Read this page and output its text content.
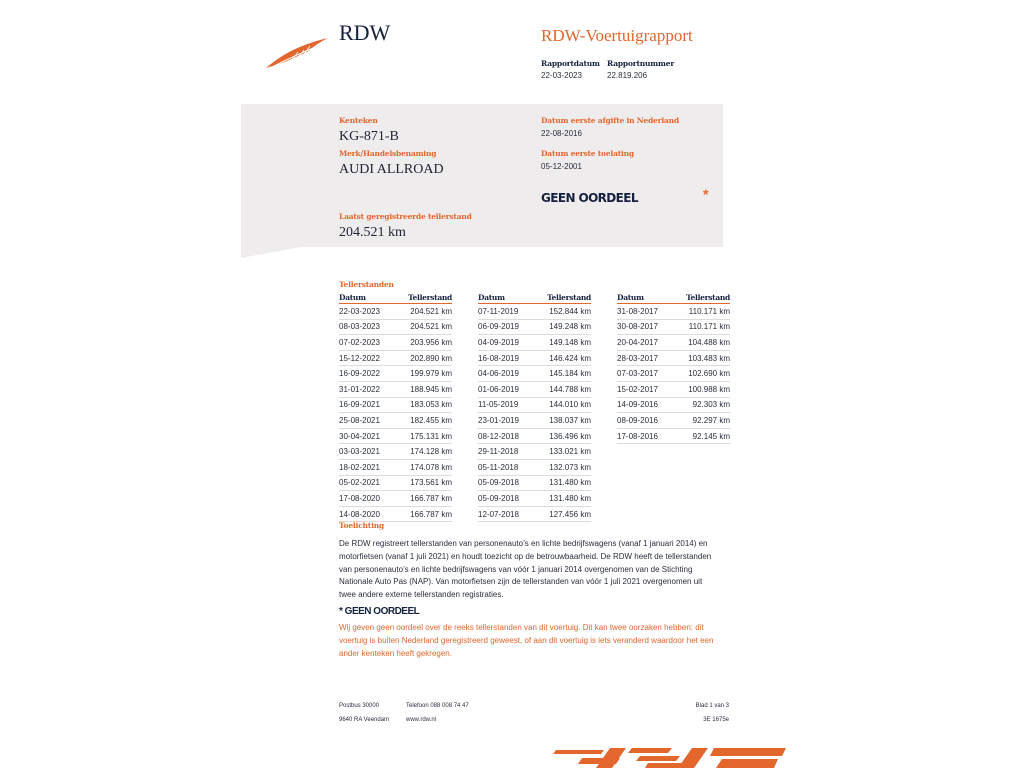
RDW	RDW-Voertuigrapport
Rapportdatum
22-03-2023
Rapportnummer
22.819.206
Kenteken
KG-871-B
Merk/Handelsbenaming
AUDI ALLROAD
Datum eerste afgifte in Nederland
22-08-2016
Datum eerste toelating
05-12-2001
GEEN OORDEEL	*
Laatst geregistreerde tellerstand
204.521 km
Tellerstanden
Datum	Tellerstand
22-03-2023	204.521 km
08-03-2023	204.521 km
07-02-2023	203.956 km
15-12-2022	202.890 km
16-09-2022	199.979 km
31-01-2022	188.945 km
16-09-2021	183.053 km
25-08-2021	182.455 km
30-04-2021	175.131 km
03-03-2021	174.128 km
18-02-2021	174.078 km
05-02-2021	173.561 km
17-08-2020	166.787 km
14-08-2020	166.787 km
Datum	Tellerstand
07-11-2019	152.844 km
06-09-2019	149.248 km
04-09-2019	149.148 km
16-08-2019	146.424 km
04-06-2019	145.184 km
01-06-2019	144.788 km
11-05-2019	144.010 km
23-01-2019	138.037 km
08-12-2018	136.496 km
29-11-2018	133.021 km
05-11-2018	132.073 km
05-09-2018	131.480 km
05-09-2018	131.480 km
12-07-2018	127.456 km
Datum	Tellerstand
31-08-2017	110.171 km
30-08-2017	110.171 km
20-04-2017	104.488 km
28-03-2017	103.483 km
07-03-2017	102.690 km
15-02-2017	100.988 km
14-09-2016	92.303 km
08-09-2016	92.297 km
17-08-2016	92.145 km
Toelichting
De RDW registreert tellerstanden van personenauto’s en lichte bedrijfswagens (vanaf 1 januari 2014) en
motorfietsen (vanaf 1 juli 2021) en houdt toezicht op de betrouwbaarheid. De RDW heeft de tellerstanden
van personenauto’s en lichte bedrijfswagens van vóór 1 januari 2014 overgenomen van de Stichting
Nationale Auto Pas (NAP). Van motorfietsen zijn de tellerstanden van vóór 1 juli 2021 overgenomen uit
twee andere externe tellerstanden registraties.
* GEEN OORDEEL
Wij geven geen oordeel over de reeks tellerstanden van dit voertuig. Dit kan twee oorzaken hebben: dit
voertuig is buiten Nederland geregistreerd geweest, of aan dit voertuig is iets veranderd waardoor het een
ander kenteken heeft gekregen.
Postbus 30000
9640 RA Veendam
Telefoon 088 008 74 47
www.rdw.nl
Blad 1 van 3
3E 1675e
